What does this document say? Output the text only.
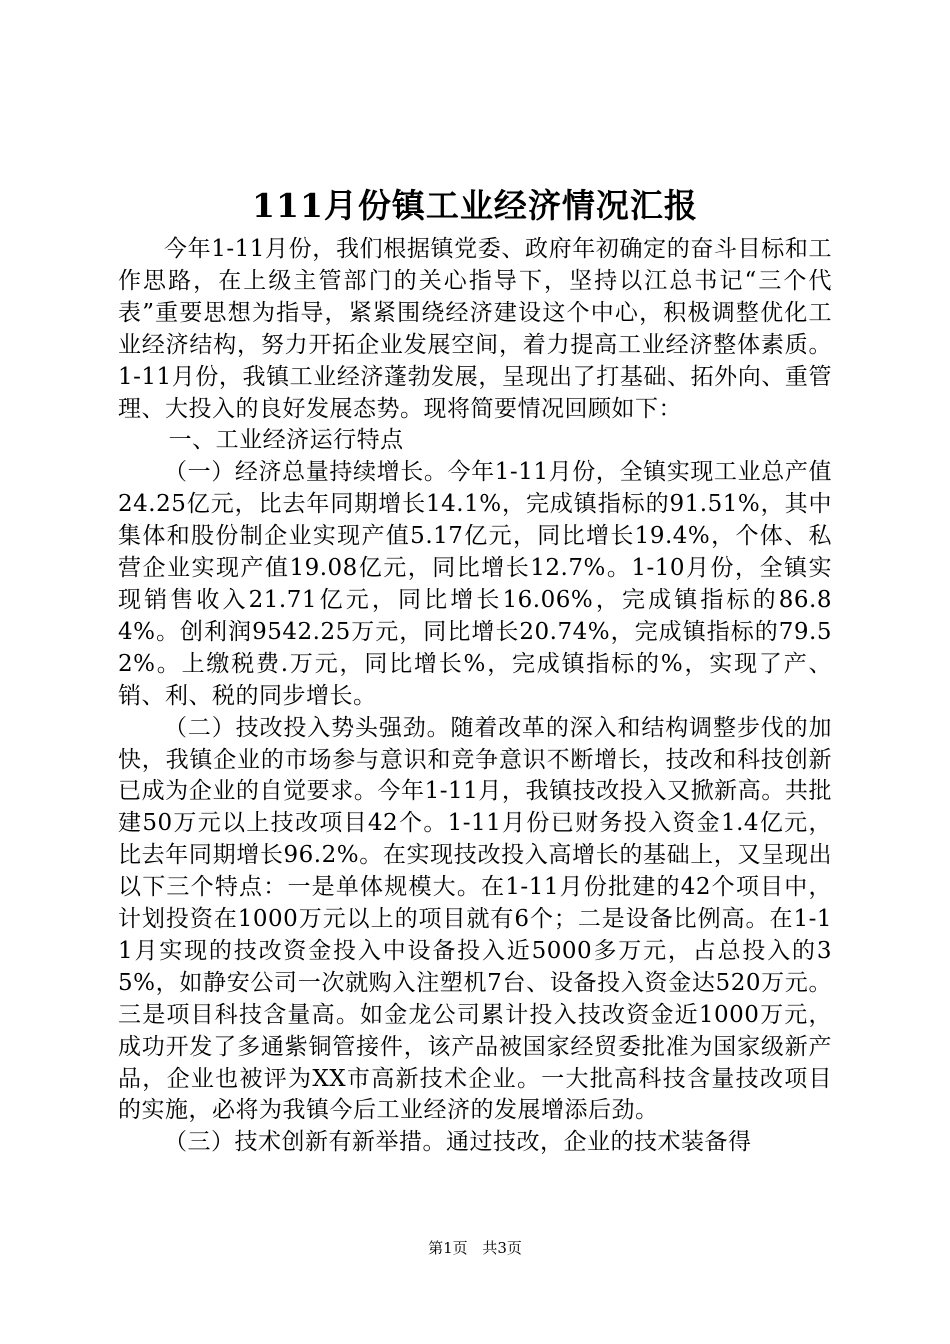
111月份镇工业经济情况汇报

今年1-11月份，我们根据镇党委、政府年初确定的奋斗目标和工作思路，在上级主管部门的关心指导下，坚持以江总书记“三个代表”重要思想为指导，紧紧围绕经济建设这个中心，积极调整优化工业经济结构，努力开拓企业发展空间，着力提高工业经济整体素质。1-11月份，我镇工业经济蓬勃发展，呈现出了打基础、拓外向、重管理、大投入的良好发展态势。现将简要情况回顾如下：

一、工业经济运行特点

（一）经济总量持续增长。今年1-11月份，全镇实现工业总产值24.25亿元，比去年同期增长14.1%，完成镇指标的91.51%，其中集体和股份制企业实现产值5.17亿元，同比增长19.4%，个体、私营企业实现产值19.08亿元，同比增长12.7%。1-10月份，全镇实现销售收入21.71亿元，同比增长16.06%，完成镇指标的86.84%。创利润9542.25万元，同比增长20.74%，完成镇指标的79.52%。上缴税费.万元，同比增长%，完成镇指标的%，实现了产、销、利、税的同步增长。

（二）技改投入势头强劲。随着改革的深入和结构调整步伐的加快，我镇企业的市场参与意识和竞争意识不断增长，技改和科技创新已成为企业的自觉要求。今年1-11月，我镇技改投入又掀新高。共批建50万元以上技改项目42个。1-11月份已财务投入资金1.4亿元，比去年同期增长96.2%。在实现技改投入高增长的基础上，又呈现出以下三个特点：一是单体规模大。在1-11月份批建的42个项目中，计划投资在1000万元以上的项目就有6个；二是设备比例高。在1-11月实现的技改资金投入中设备投入近5000多万元，占总投入的35%，如静安公司一次就购入注塑机7台、设备投入资金达520万元。三是项目科技含量高。如金龙公司累计投入技改资金近1000万元，成功开发了多通紫铜管接件，该产品被国家经贸委批准为国家级新产品，企业也被评为XX市高新技术企业。一大批高科技含量技改项目的实施，必将为我镇今后工业经济的发展增添后劲。

（三）技术创新有新举措。通过技改，企业的技术装备得

第1页 共3页
